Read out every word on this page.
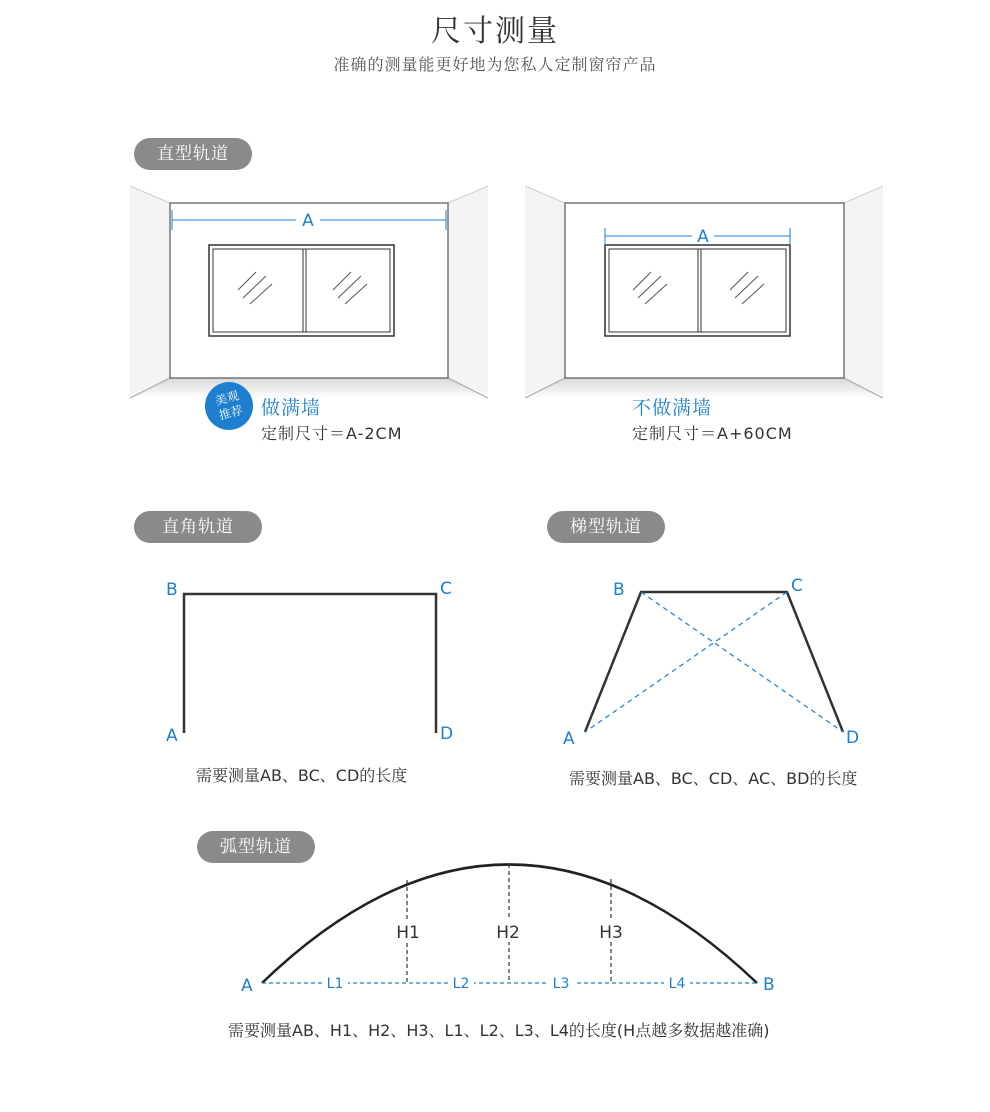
尺寸测量
准确的测量能更好地为您私人定制窗帘产品
直型轨道
直角轨道	梯型轨道
弧型轨道
A
A
B	C
A	D
B	C
A	D
H1	H2	H3
L1	L2	L3	L4
A	B
美观
推荐 做满墙
定制尺寸＝A-2CM
不做满墙
定制尺寸＝A+60CM
需要测量AB、BC、CD的长度	需要测量AB、BC、CD、AC、BD的长度
需要测量AB、H1、H2、H3、L1、L2、L3、L4的长度(H点越多数据越准确)
